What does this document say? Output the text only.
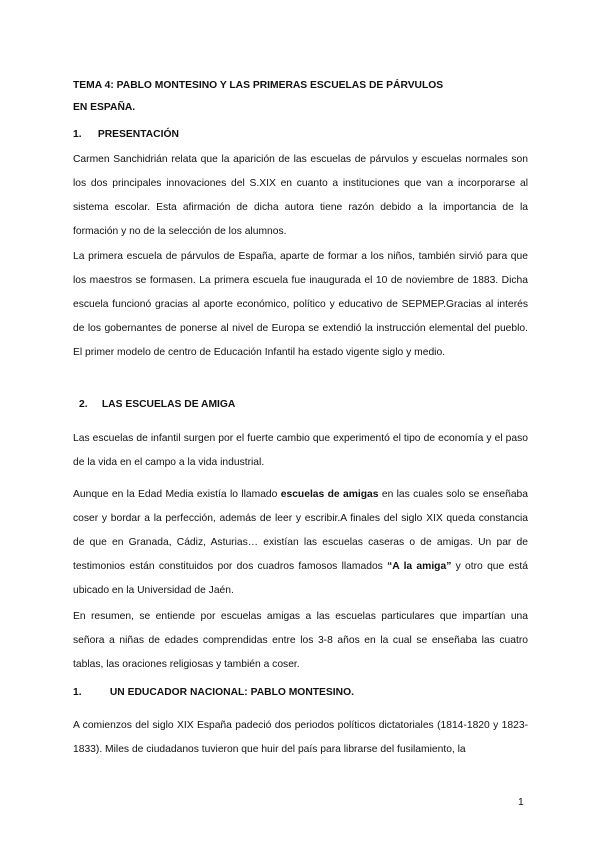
TEMA 4: PABLO MONTESINO Y LAS PRIMERAS ESCUELAS DE PÁRVULOS
EN ESPAÑA.
1. PRESENTACIÓN
Carmen Sanchidrián relata que la aparición de las escuelas de párvulos y escuelas normales son los dos principales innovaciones del S.XIX en cuanto a instituciones que van a incorporarse al sistema escolar. Esta afirmación de dicha autora tiene razón debido a la importancia de la formación y no de la selección de los alumnos.
La primera escuela de párvulos de España, aparte de formar a los niños, también sirvió para que los maestros se formasen. La primera escuela fue inaugurada el 10 de noviembre de 1883. Dicha escuela funcionó gracias al aporte económico, político y educativo de SEPMEP.Gracias al interés de los gobernantes de ponerse al nivel de Europa se extendió la instrucción elemental del pueblo. El primer modelo de centro de Educación Infantil ha estado vigente siglo y medio.
2. LAS ESCUELAS DE AMIGA
Las escuelas de infantil surgen por el fuerte cambio que experimentó el tipo de economía y el paso de la vida en el campo a la vida industrial.
Aunque en la Edad Media existía lo llamado escuelas de amigas en las cuales solo se enseñaba coser y bordar a la perfección, además de leer y escribir.A finales del siglo XIX queda constancia de que en Granada, Cádiz, Asturias… existían las escuelas caseras o de amigas. Un par de testimonios están constituidos por dos cuadros famosos llamados “A la amiga” y otro que está ubicado en la Universidad de Jaén.
En resumen, se entiende por escuelas amigas a las escuelas particulares que impartían una señora a niñas de edades comprendidas entre los 3-8 años en la cual se enseñaba las cuatro tablas, las oraciones religiosas y también a coser.
1.	UN EDUCADOR NACIONAL: PABLO MONTESINO.
A comienzos del siglo XIX España padeció dos periodos políticos dictatoriales (1814-1820 y 1823-1833). Miles de ciudadanos tuvieron que huir del país para librarse del fusilamiento, la
1
